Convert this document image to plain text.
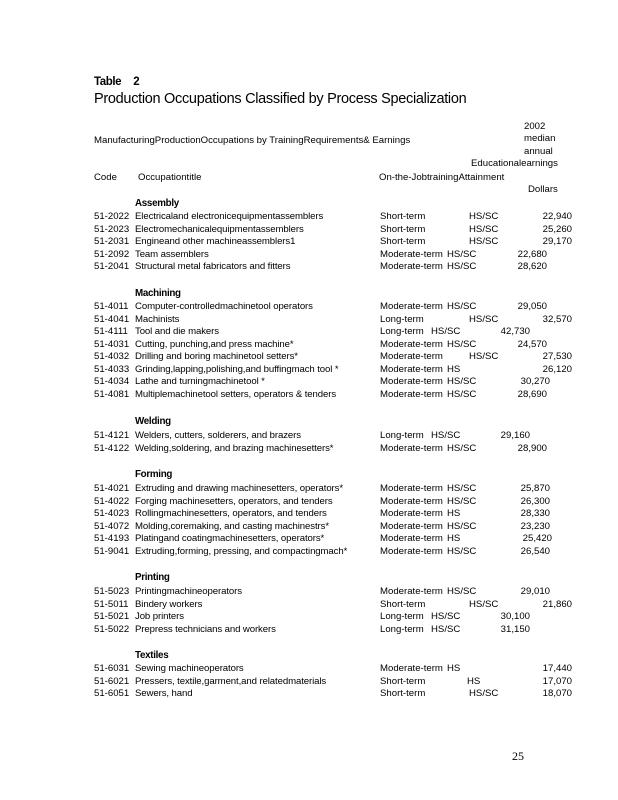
Table 2
Production Occupations Classified by Process Specialization
2002
median
annual
ManufacturingProductionOccupations by TrainingRequirements& Earnings
Educationalearnings
Code Occupationtitle	On-the-JobtrainingAttainment
Dollars
Assembly
51-2022 Electricaland electronicequipmentassemblers	Short-term	HS/SC	22,940
51-2023 Electromechanicalequipmentassemblers	Short-term	HS/SC	25,260
51-2031 Engineand other machineassemblers1	Short-term	HS/SC	29,170
51-2092 Team assemblers	Moderate-term HS/SC	22,680
51-2041 Structural metal fabricators and fitters	Moderate-term HS/SC	28,620
Machining
51-4011 Computer-controlledmachinetool operators	Moderate-term HS/SC	29,050
51-4041 Machinists	Long-term	HS/SC	32,570
51-4111 Tool and die makers	Long-term HS/SC	42,730
51-4031 Cutting, punching,and press machine*	Moderate-term HS/SC	24,570
51-4032 Drilling and boring machinetool setters*	Moderate-term	HS/SC	27,530
51-4033 Grinding,lapping,polishing,and buffingmach tool *	Moderate-term HS	26,120
51-4034 Lathe and turningmachinetool *	Moderate-term HS/SC	30,270
51-4081 Multiplemachinetool setters, operators & tenders	Moderate-term HS/SC	28,690
Welding
51-4121 Welders, cutters, solderers, and brazers	Long-term HS/SC	29,160
51-4122 Welding,soldering, and brazing machinesetters*	Moderate-term HS/SC	28,900
Forming
51-4021 Extruding and drawing machinesetters, operators*	Moderate-term HS/SC	25,870
51-4022 Forging machinesetters, operators, and tenders	Moderate-term HS/SC	26,300
51-4023 Rollingmachinesetters, operators, and tenders	Moderate-term HS	28,330
51-4072 Molding,coremaking, and casting machinestrs*	Moderate-term HS/SC	23,230
51-4193 Platingand coatingmachinesetters, operators*	Moderate-term HS	25,420
51-9041 Extruding,forming, pressing, and compactingmach*	Moderate-term HS/SC	26,540
Printing
51-5023 Printingmachineoperators	Moderate-term HS/SC	29,010
51-5011 Bindery workers	Short-term	HS/SC	21,860
51-5021 Job printers	Long-term HS/SC	30,100
51-5022 Prepress technicians and workers	Long-term HS/SC	31,150
Textiles
51-6031 Sewing machineoperators	Moderate-term HS	17,440
51-6021 Pressers, textile,garment,and relatedmaterials	Short-term	HS	17,070
51-6051 Sewers, hand	Short-term	HS/SC	18,070
25
